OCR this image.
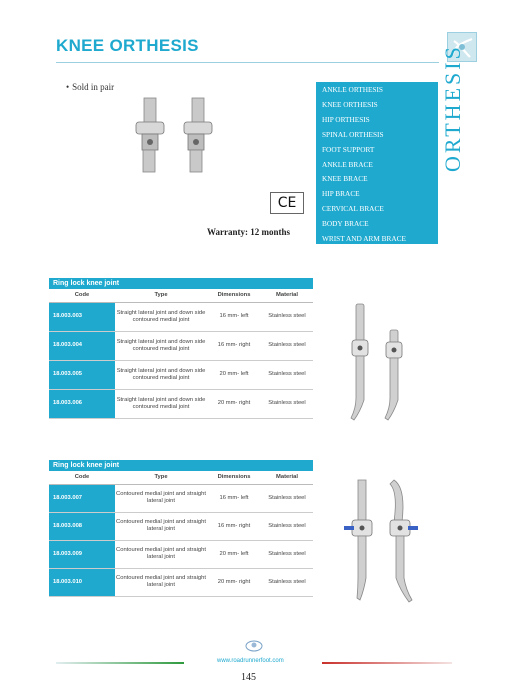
KNEE ORTHESIS	ORTHESIS
• Sold in pair
CE
Warranty: 12 months
ANKLE ORTHESIS
KNEE ORTHESIS
HIP ORTHESIS
SPINAL ORTHESIS
FOOT SUPPORT
ANKLE BRACE
KNEE BRACE
HIP BRACE
CERVICAL BRACE
BODY BRACE
WRIST AND ARM BRACE
Ring lock knee joint
Code	Type	Dimensions	Material
18.003.003	Straight lateral joint and down side contoured medial joint	16 mm- left	Stainless steel
18.003.004	Straight lateral joint and down side contoured medial joint	16 mm- right	Stainless steel
18.003.005	Straight lateral joint and down side contoured medial joint	20 mm- left	Stainless steel
18.003.006	Straight lateral joint and down side contoured medial joint	20 mm- right	Stainless steel
Ring lock knee joint
Code	Type	Dimensions	Material
18.003.007	Contoured medial joint and straight lateral joint	16 mm- left	Stainless steel
18.003.008	Contoured medial joint and straight lateral joint	16 mm- right	Stainless steel
18.003.009	Contoured medial joint and straight lateral joint	20 mm- left	Stainless steel
18.003.010	Contoured medial joint and straight lateral joint	20 mm- right	Stainless steel
www.roadrunnerfoot.com
145
